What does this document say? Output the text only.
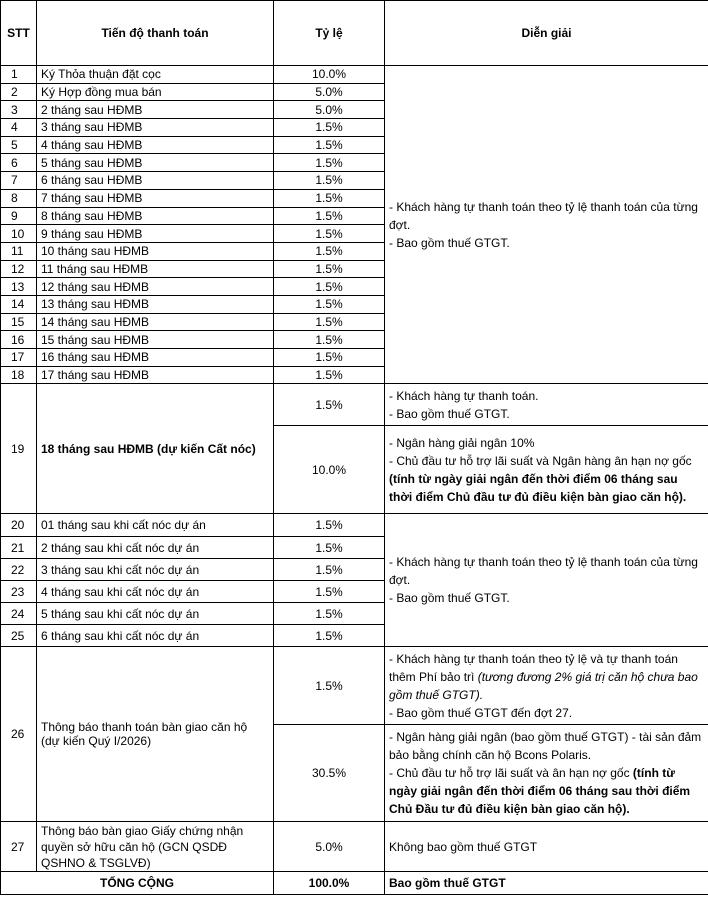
STT	Tiến độ thanh toán	Tỷ lệ	Diễn giải
1	Ký Thỏa thuận đặt cọc	10.0%	- Khách hàng tự thanh toán theo tỷ lệ thanh toán của từng đợt.

- Bao gồm thuế GTGT.

2	Ký Hợp đồng mua bán	5.0%	
3	2 tháng sau HĐMB	5.0%	
4	3 tháng sau HĐMB	1.5%	
5	4 tháng sau HĐMB	1.5%	
6	5 tháng sau HĐMB	1.5%	
7	6 tháng sau HĐMB	1.5%	
8	7 tháng sau HĐMB	1.5%	
9	8 tháng sau HĐMB	1.5%	
10	9 tháng sau HĐMB	1.5%	
11	10 tháng sau HĐMB	1.5%	
12	11 tháng sau HĐMB	1.5%	
13	12 tháng sau HĐMB	1.5%	
14	13 tháng sau HĐMB	1.5%	
15	14 tháng sau HĐMB	1.5%	
16	15 tháng sau HĐMB	1.5%	
17	16 tháng sau HĐMB	1.5%	
18	17 tháng sau HĐMB	1.5%	
19	18 tháng sau HĐMB (dự kiến Cất nóc)	1.5%	- Khách hàng tự thanh toán.

- Bao gồm thuế GTGT.

		10.0%	- Ngân hàng giải ngân 10%

- Chủ đầu tư hỗ trợ lãi suất và Ngân hàng ân hạn nợ gốc

(tính từ ngày giải ngân đến thời điểm 06 tháng sau thời điểm Chủ đầu tư đủ điều kiện bàn giao căn hộ).

20	01 tháng sau khi cất nóc dự án	1.5%	- Khách hàng tự thanh toán theo tỷ lệ thanh toán của từng đợt.

- Bao gồm thuế GTGT.

21	2 tháng sau khi cất nóc dự án	1.5%	
22	3 tháng sau khi cất nóc dự án	1.5%	
23	4 tháng sau khi cất nóc dự án	1.5%	
24	5 tháng sau khi cất nóc dự án	1.5%	
25	6 tháng sau khi cất nóc dự án	1.5%	
26	Thông báo thanh toán bàn giao căn hộ (dự kiến Quý I/2026)	1.5%	- Khách hàng tự thanh toán theo tỷ lệ và tự thanh toán thêm Phí bảo trì (tương đương 2% giá trị căn hộ chưa bao gồm thuế GTGT).

- Bao gồm thuế GTGT đến đợt 27.

		30.5%	- Ngân hàng giải ngân (bao gồm thuế GTGT) - tài sản đảm bảo bằng chính căn hộ Bcons Polaris.

- Chủ đầu tư hỗ trợ lãi suất và ân hạn nợ gốc (tính từ ngày giải ngân đến thời điểm 06 tháng sau thời điểm Chủ Đầu tư đủ điều kiện bàn giao căn hộ).

27	Thông báo bàn giao Giấy chứng nhận quyền sở hữu căn hộ (GCN QSDĐ QSHNO & TSGLVĐ)	5.0%	Không bao gồm thuế GTGT
TỔNG CỘNG		100.0%	Bao gồm thuế GTGT
